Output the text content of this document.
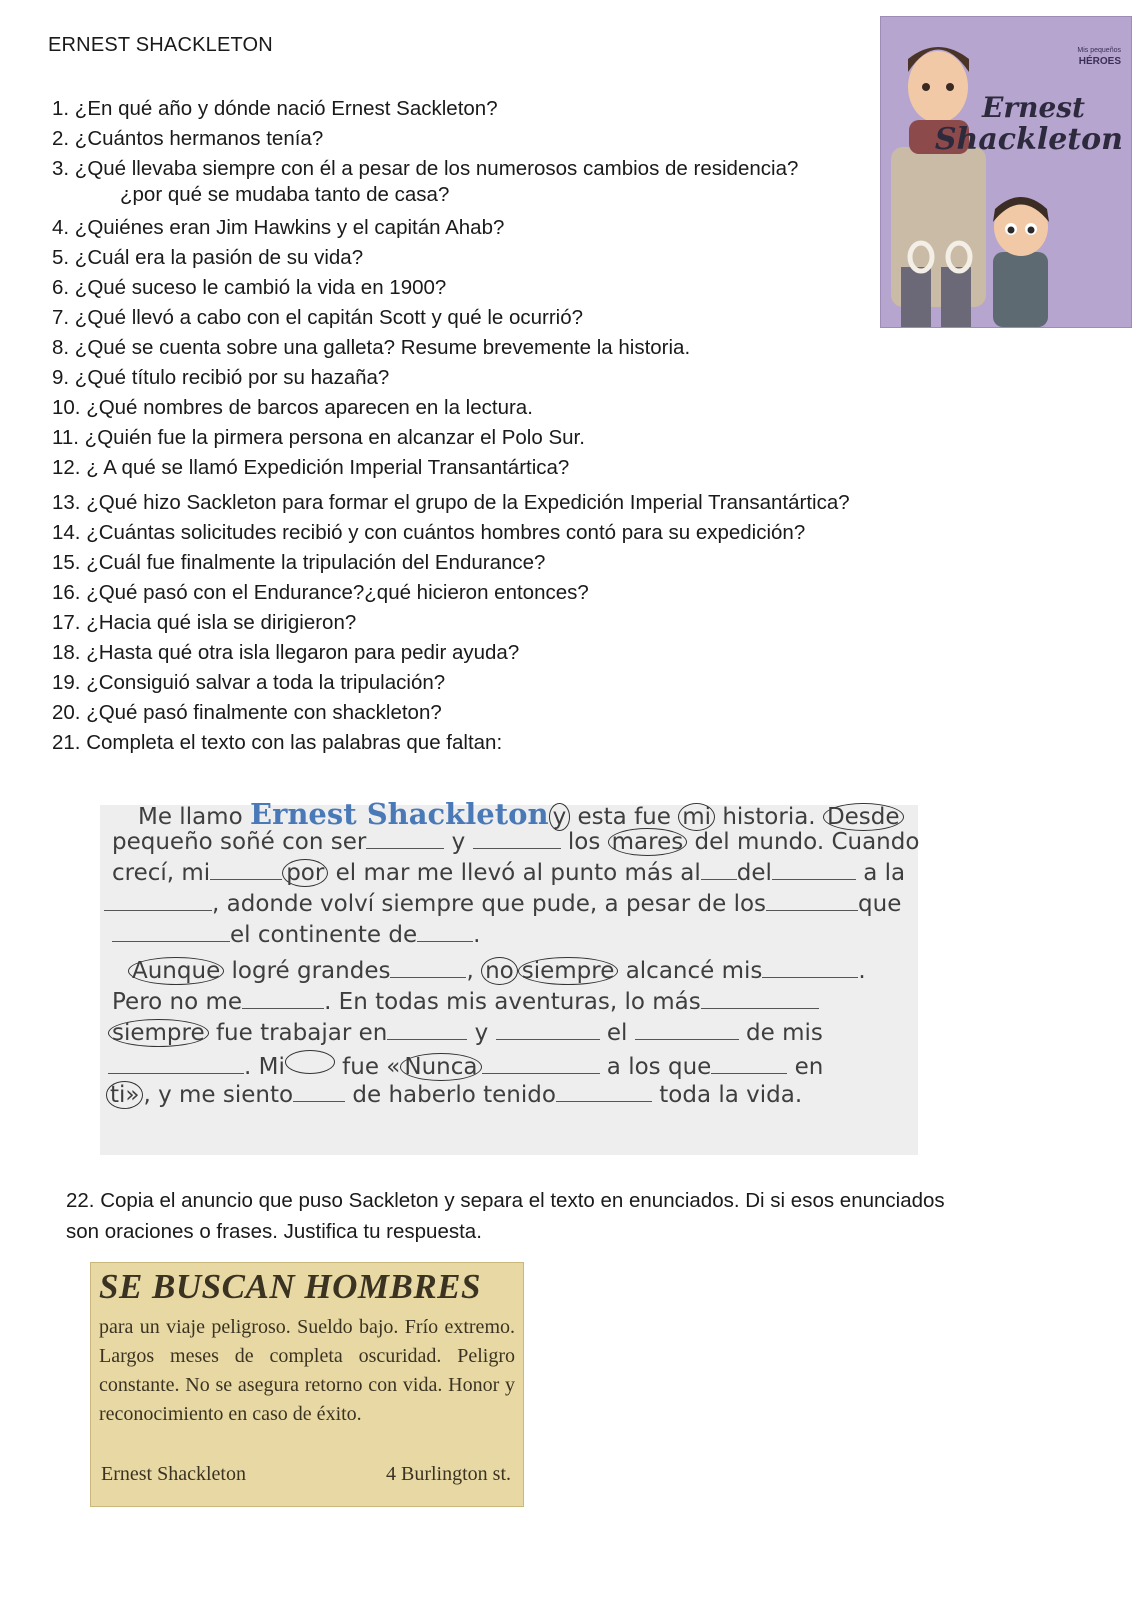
ERNEST SHACKLETON
1. ¿En qué año y dónde nació Ernest Sackleton?
2. ¿Cuántos hermanos tenía?
3. ¿Qué llevaba siempre con él a pesar de los numerosos cambios de residencia?
¿por qué se mudaba tanto de casa?
4. ¿Quiénes eran Jim Hawkins y el capitán Ahab?
5. ¿Cuál era la pasión de su vida?
6. ¿Qué suceso le cambió la vida en 1900?
7. ¿Qué llevó a cabo con el capitán Scott y qué le ocurrió?
8. ¿Qué se cuenta sobre una galleta? Resume brevemente la historia.
9. ¿Qué título recibió por su hazaña?
10. ¿Qué nombres de barcos aparecen en la lectura.
11. ¿Quién fue la pirmera persona en alcanzar el Polo Sur.
12. ¿ A qué se llamó Expedición Imperial Transantártica?
13. ¿Qué hizo Sackleton para formar el grupo de la Expedición Imperial Transantártica?
14. ¿Cuántas solicitudes recibió y con cuántos hombres contó para su expedición?
15. ¿Cuál fue finalmente la tripulación del Endurance?
16. ¿Qué pasó con el Endurance?¿qué hicieron entonces?
17. ¿Hacia qué isla se dirigieron?
18. ¿Hasta qué otra isla llegaron para pedir ayuda?
19. ¿Consiguió salvar a toda la tripulación?
20. ¿Qué pasó finalmente con shackleton?
21. Completa el texto con las palabras que faltan:
Mis pequeños
HÉROES
Ernest
Shackleton
Me llamo Ernest Shackleton y esta fue mi historia. Desde
pequeño soñé con ser	y	los mares del mundo. Cuando
crecí, mi	por el mar me llevó al punto más al del	a la
, adonde volví siempre que pude, a pesar de los	que
el continente de .
Aunque logré grandes	, no siempre alcancé mis	.
Pero no me	. En todas mis aventuras, lo más
siempre fue trabajar en	y	el	de mis
. Mi fue « Nunca	a los que	en
ti» , y me siento de haberlo tenido	toda la vida.
22. Copia el anuncio que puso Sackleton y separa el texto en enunciados. Di si esos enunciados son oraciones o frases. Justifica tu respuesta.
SE BUSCAN HOMBRES
para un viaje peligroso. Sueldo bajo. Frío extremo. Largos meses de completa oscuridad. Peligro constante. No se asegura retorno con vida. Honor y reconocimiento en caso de éxito.
Ernest Shackleton	4 Burlington st.
